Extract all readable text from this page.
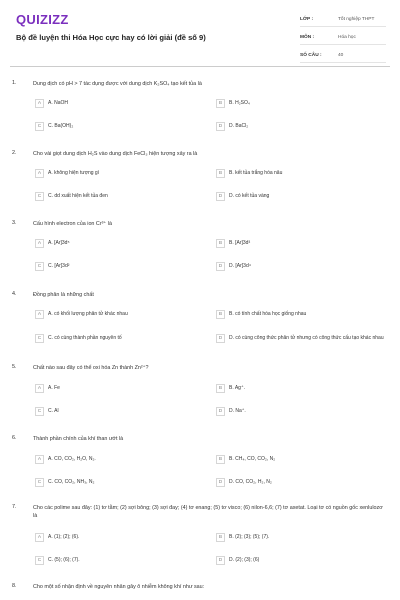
QUIZIZZ
Bộ đề luyện thi Hóa Học cực hay có lời giải (đề số 9)
LỚP :	Tốt nghiệp THPT
MÔN :	Hóa học
SỐ CÂU :	40
1.	Dung dịch có pH > 7 tác dụng được với dung dịch K₂SO₄ tạo kết tủa là
A	A. NaOH	B	B. H₂SO₄
C	C. Ba(OH)₂	D	D. BaCl₂
2.	Cho vài giọt dung dịch H₂S vào dung dịch FeCl₃ hiện tượng xảy ra là
A	A. không hiện tượng gì	B	B. kết tủa trắng hóa nâu
C	C. dd xuất hiện kết tủa đen	D	D. có kết tủa vàng
3.	Cấu hình electron của ion Cr³⁺ là
A	A. [Ar]3d⁵	B	B. [Ar]3d³
C	C. [Ar]3d²	D	D. [Ar]3d⁴
4.	Đồng phân là những chất
A	A. có khối lượng phân tử khác nhau	B	B. có tính chất hóa học giống nhau
C	C. có cùng thành phần nguyên tố	D	D. có cùng công thức phân tử nhưng có công thức cấu tạo khác nhau
5.	Chất nào sau đây có thể oxi hóa Zn thành Zn²⁺?
A	A. Fe	B	B. Ag⁺.
C	C. Al	D	D. Na⁺.
6.	Thành phần chính của khí than ướt là
A	A. CO, CO₂, H₂O, N₂.	B	B. CH₄, CO, CO₂, N₂
C	C. CO, CO₂, NH₃, N₂	D	D. CO, CO₂, H₂, N₂
7.	Cho các polime sau đây: (1) tơ tằm; (2) sợi bông; (3) sợi đay; (4) tơ enang; (5) tơ visco; (6) nilon-6,6; (7) tơ axetat. Loại tơ có nguồn gốc xenlulozơ là
A	A. (1); (2); (6).	B	B. (2); (3); (5); (7).
C	C. (5); (6); (7).	D	D. (2); (3); (6)
8.	Cho một số nhận định về nguyên nhân gây ô nhiễm không khí như sau:
